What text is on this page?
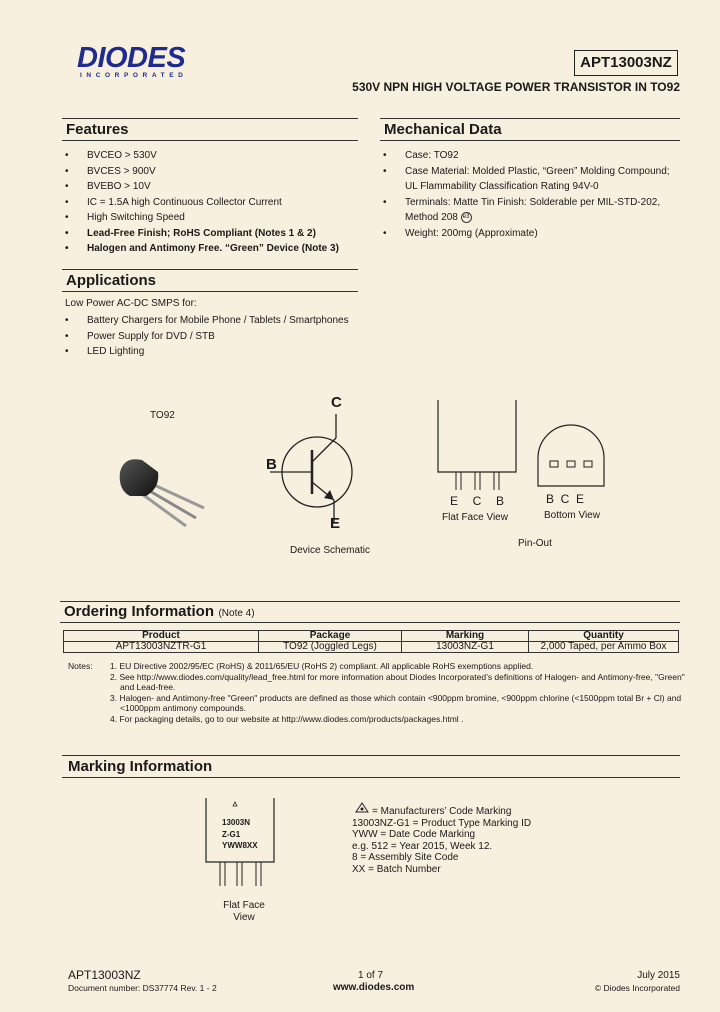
DIODES
INCORPORATED
APT13003NZ
530V NPN HIGH VOLTAGE POWER TRANSISTOR IN TO92
Features
• BVCEO > 530V
• BVCES > 900V
• BVEBO > 10V
• IC = 1.5A high Continuous Collector Current
• High Switching Speed
• Lead-Free Finish; RoHS Compliant (Notes 1 & 2)
• Halogen and Antimony Free. “Green” Device (Note 3)
Mechanical Data
• Case: TO92
• Case Material: Molded Plastic, “Green” Molding Compound; UL Flammability Classification Rating 94V-0
• Terminals: Matte Tin Finish: Solderable per MIL-STD-202, Method 208 e3
• Weight: 200mg (Approximate)
Applications
Low Power AC-DC SMPS for:
• Battery Chargers for Mobile Phone / Tablets / Smartphones
• Power Supply for DVD / STB
• LED Lighting
TO92
C
B
E
Device Schematic
E  C  B
Flat Face View
B  C  E
Bottom View
Pin-Out
Ordering Information (Note 4)
Product	Package	Marking	Quantity
APT13003NZTR-G1	TO92 (Joggled Legs)	13003NZ-G1	2,000 Taped, per Ammo Box
Notes: 1. EU Directive 2002/95/EC (RoHS) & 2011/65/EU (RoHS 2) compliant. All applicable RoHS exemptions applied.
2. See http://www.diodes.com/quality/lead_free.html for more information about Diodes Incorporated’s definitions of Halogen- and Antimony-free, "Green"
and Lead-free.
3. Halogen- and Antimony-free "Green" products are defined as those which contain <900ppm bromine, <900ppm chlorine (<1500ppm total Br + Cl) and
<1000ppm antimony compounds.
4. For packaging details, go to our website at http://www.diodes.com/products/packages.html .
Marking Information
13003N
Z-G1
YWW8XX
Flat Face
View
= Manufacturers’ Code Marking
13003NZ-G1 = Product Type Marking ID
YWW = Date Code Marking
e.g. 512 = Year 2015, Week 12.
8 = Assembly Site Code
XX = Batch Number
APT13003NZ
Document number: DS37774 Rev. 1 - 2
1 of 7
www.diodes.com
July 2015
© Diodes Incorporated
